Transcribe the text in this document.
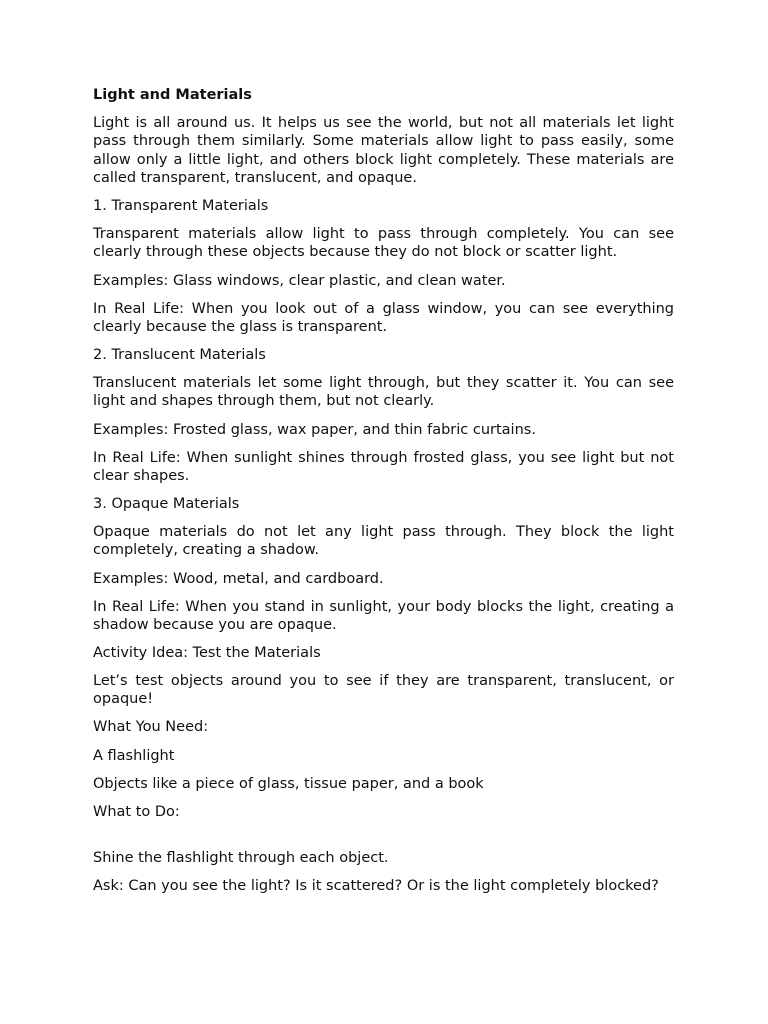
Light and Materials

Light is all around us. It helps us see the world, but not all materials let light pass through them similarly. Some materials allow light to pass easily, some allow only a little light, and others block light completely. These materials are called transparent, translucent, and opaque.

1. Transparent Materials

Transparent materials allow light to pass through completely. You can see clearly through these objects because they do not block or scatter light.

Examples: Glass windows, clear plastic, and clean water.

In Real Life: When you look out of a glass window, you can see everything clearly because the glass is transparent.

2. Translucent Materials

Translucent materials let some light through, but they scatter it. You can see light and shapes through them, but not clearly.

Examples: Frosted glass, wax paper, and thin fabric curtains.

In Real Life: When sunlight shines through frosted glass, you see light but not clear shapes.

3. Opaque Materials

Opaque materials do not let any light pass through. They block the light completely, creating a shadow.

Examples: Wood, metal, and cardboard.

In Real Life: When you stand in sunlight, your body blocks the light, creating a shadow because you are opaque.

Activity Idea: Test the Materials

Let’s test objects around you to see if they are transparent, translucent, or opaque!

What You Need:

A flashlight

Objects like a piece of glass, tissue paper, and a book

What to Do:

Shine the flashlight through each object.

Ask: Can you see the light? Is it scattered? Or is the light completely blocked?
